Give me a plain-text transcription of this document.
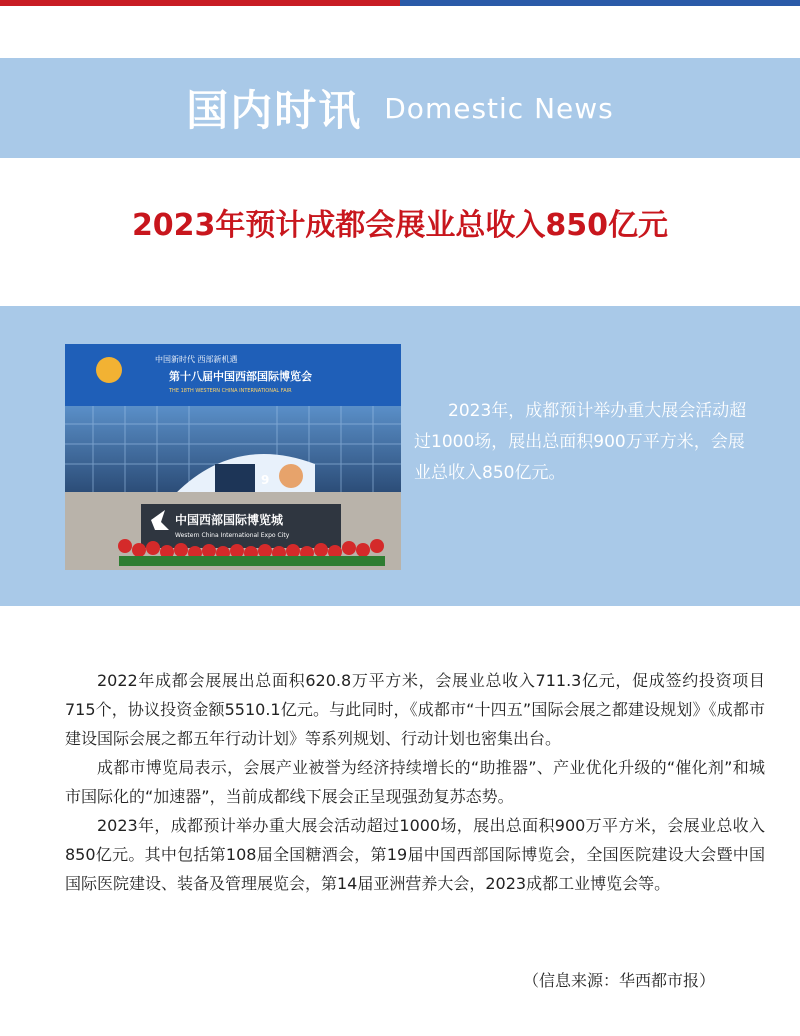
国内时讯 Domestic News
2023年预计成都会展业总收入850亿元
中国新时代 西部新机遇
第十八届中国西部国际博览会
THE 18TH WESTERN CHINA INTERNATIONAL FAIR
9
中国西部国际博览城
Western China International Expo City
2023年，成都预计举办重大展会活动超过1000场，展出总面积900万平方米，会展业总收入850亿元。

2022年成都会展展出总面积620.8万平方米，会展业总收入711.3亿元，促成签约投资项目715个，协议投资金额5510.1亿元。与此同时，《成都市“十四五”国际会展之都建设规划》《成都市建设国际会展之都五年行动计划》等系列规划、行动计划也密集出台。

成都市博览局表示，会展产业被誉为经济持续增长的“助推器”、产业优化升级的“催化剂”和城市国际化的“加速器”，当前成都线下展会正呈现强劲复苏态势。

2023年，成都预计举办重大展会活动超过1000场，展出总面积900万平方米，会展业总收入850亿元。其中包括第108届全国糖酒会，第19届中国西部国际博览会，全国医院建设大会暨中国国际医院建设、装备及管理展览会，第14届亚洲营养大会，2023成都工业博览会等。

（信息来源：华西都市报）
